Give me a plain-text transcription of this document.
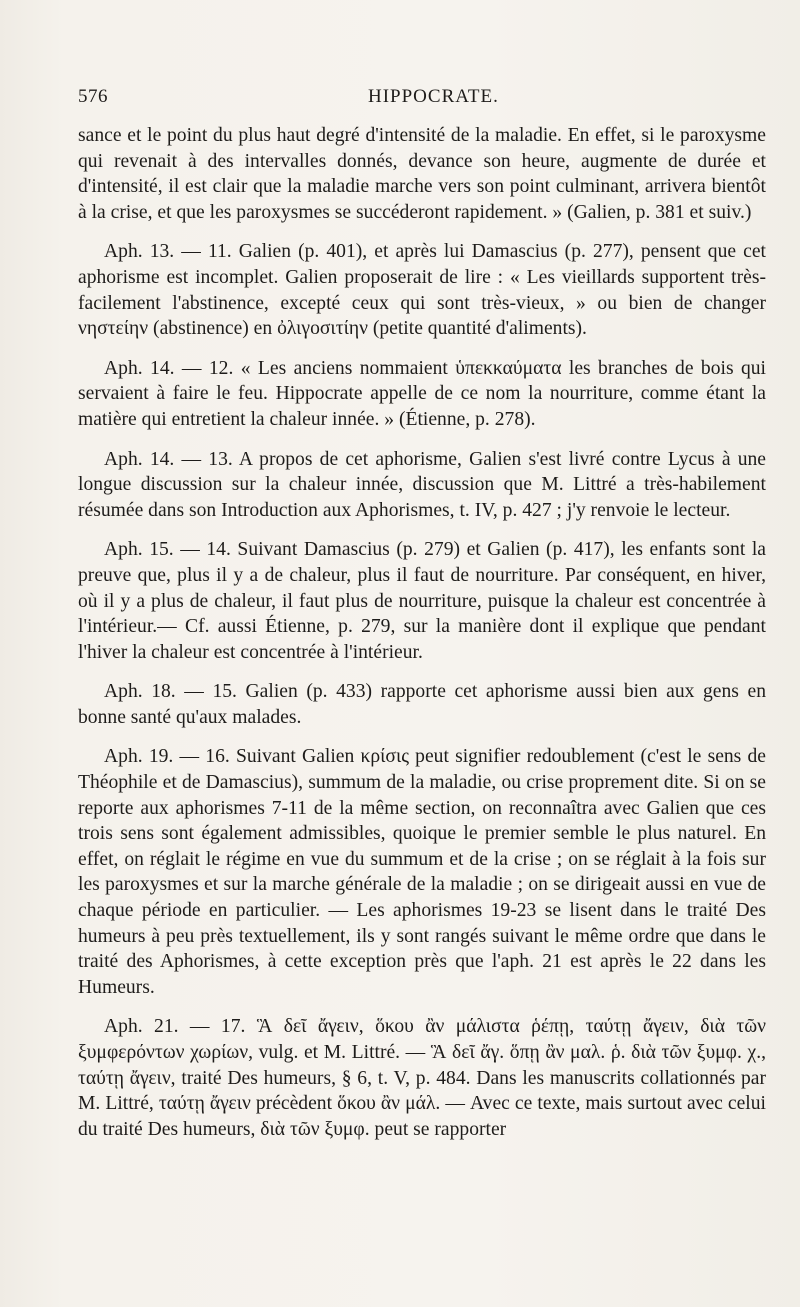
576	HIPPOCRATE.

sance et le point du plus haut degré d'intensité de la maladie. En effet, si le paroxysme qui revenait à des intervalles donnés, devance son heure, augmente de durée et d'intensité, il est clair que la maladie marche vers son point culminant, arrivera bientôt à la crise, et que les paroxysmes se succéderont rapidement. » (Galien, p. 381 et suiv.)

Aph. 13. — 11. Galien (p. 401), et après lui Damascius (p. 277), pensent que cet aphorisme est incomplet. Galien proposerait de lire : « Les vieillards supportent très-facilement l'abstinence, excepté ceux qui sont très-vieux, » ou bien de changer νηστείην (abstinence) en ὀλιγοσιτίην (petite quantité d'aliments).

Aph. 14. — 12. « Les anciens nommaient ὑπεκκαύματα les branches de bois qui servaient à faire le feu. Hippocrate appelle de ce nom la nourriture, comme étant la matière qui entretient la chaleur innée. » (Étienne, p. 278).

Aph. 14. — 13. A propos de cet aphorisme, Galien s'est livré contre Lycus à une longue discussion sur la chaleur innée, discussion que M. Littré a très-habilement résumée dans son Introduction aux Aphorismes, t. IV, p. 427 ; j'y renvoie le lecteur.

Aph. 15. — 14. Suivant Damascius (p. 279) et Galien (p. 417), les enfants sont la preuve que, plus il y a de chaleur, plus il faut de nourriture. Par conséquent, en hiver, où il y a plus de chaleur, il faut plus de nourriture, puisque la chaleur est concentrée à l'intérieur.— Cf. aussi Étienne, p. 279, sur la manière dont il explique que pendant l'hiver la chaleur est concentrée à l'intérieur.

Aph. 18. — 15. Galien (p. 433) rapporte cet aphorisme aussi bien aux gens en bonne santé qu'aux malades.

Aph. 19. — 16. Suivant Galien κρίσις peut signifier redoublement (c'est le sens de Théophile et de Damascius), summum de la maladie, ou crise proprement dite. Si on se reporte aux aphorismes 7-11 de la même section, on reconnaîtra avec Galien que ces trois sens sont également admissibles, quoique le premier semble le plus naturel. En effet, on réglait le régime en vue du summum et de la crise ; on se réglait à la fois sur les paroxysmes et sur la marche générale de la maladie ; on se dirigeait aussi en vue de chaque période en particulier. — Les aphorismes 19-23 se lisent dans le traité Des humeurs à peu près textuellement, ils y sont rangés suivant le même ordre que dans le traité des Aphorismes, à cette exception près que l'aph. 21 est après le 22 dans les Humeurs.

Aph. 21. — 17. Ἃ δεῖ ἄγειν, ὅκου ἂν μάλιστα ῥέπῃ, ταύτῃ ἄγειν, διὰ τῶν ξυμφερόντων χωρίων, vulg. et M. Littré. — Ἃ δεῖ ἄγ. ὅπῃ ἂν μαλ. ῥ. διὰ τῶν ξυμφ. χ., ταύτῃ ἄγειν, traité Des humeurs, § 6, t. V, p. 484. Dans les manuscrits collationnés par M. Littré, ταύτῃ ἄγειν précèdent ὅκου ἂν μάλ. — Avec ce texte, mais surtout avec celui du traité Des humeurs, διὰ τῶν ξυμφ. peut se rapporter
